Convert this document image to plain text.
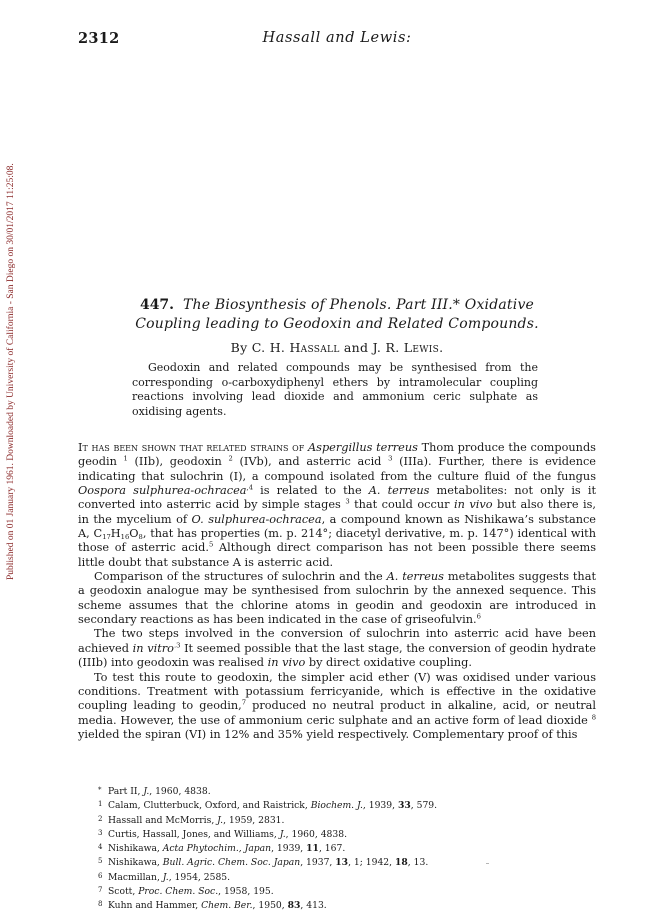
Published on 01 January 1961. Downloaded by University of California - San Diego on 30/01/2017 11:25:08.
2312	Hassall and Lewis:
447. The Biosynthesis of Phenols. Part III.* Oxidative
Coupling leading to Geodoxin and Related Compounds.
By C. H. Hassall and J. R. Lewis.
Geodoxin and related compounds may be synthesised from the corresponding o-carboxydiphenyl ethers by intramolecular coupling reactions involving lead dioxide and ammonium ceric sulphate as oxidising agents.

It has been shown that related strains of Aspergillus terreus Thom produce the compounds geodin $^1$ (IIb), geodoxin $^2$ (IVb), and asterric acid $^3$ (IIIa). Further, there is evidence indicating that sulochrin (I), a compound isolated from the culture fluid of the fungus Oospora sulphurea-ochracea$^{,4}$ is related to the A. terreus metabolites: not only is it converted into asterric acid by simple stages $^3$ that could occur in vivo but also there is, in the mycelium of O. sulphurea-ochracea, a compound known as Nishikawa’s substance A, $C_{17}H_{16}O_8$, that has properties (m. p. 214°; diacetyl derivative, m. p. 147°) identical with those of asterric acid.$^5$ Although direct comparison has not been possible there seems little doubt that substance A is asterric acid.

Comparison of the structures of sulochrin and the A. terreus metabolites suggests that a geodoxin analogue may be synthesised from sulochrin by the annexed sequence. This scheme assumes that the chlorine atoms in geodin and geodoxin are introduced in secondary reactions as has been indicated in the case of griseofulvin.$^6$

The two steps involved in the conversion of sulochrin into asterric acid have been achieved in vitro$^{.3}$ It seemed possible that the last stage, the conversion of geodin hydrate (IIIb) into geodoxin was realised in vivo by direct oxidative coupling.

To test this route to geodoxin, the simpler acid ether (V) was oxidised under various conditions. Treatment with potassium ferricyanide, which is effective in the oxidative coupling leading to geodin,$^7$ produced no neutral product in alkaline, acid, or neutral media. However, the use of ammonium ceric sulphate and an active form of lead dioxide $^8$ yielded the spiran (VI) in 12% and 35% yield respectively. Complementary proof of this

* Part II, J., 1960, 4838.
1 Calam, Clutterbuck, Oxford, and Raistrick, Biochem. J., 1939, 33, 579.
2 Hassall and McMorris, J., 1959, 2831.
3 Curtis, Hassall, Jones, and Williams, J., 1960, 4838.
4 Nishikawa, Acta Phytochim., Japan, 1939, 11, 167.
5 Nishikawa, Bull. Agric. Chem. Soc. Japan, 1937, 13, 1; 1942, 18, 13.
6 Macmillan, J., 1954, 2585.
7 Scott, Proc. Chem. Soc., 1958, 195.
8 Kuhn and Hammer, Chem. Ber., 1950, 83, 413.
